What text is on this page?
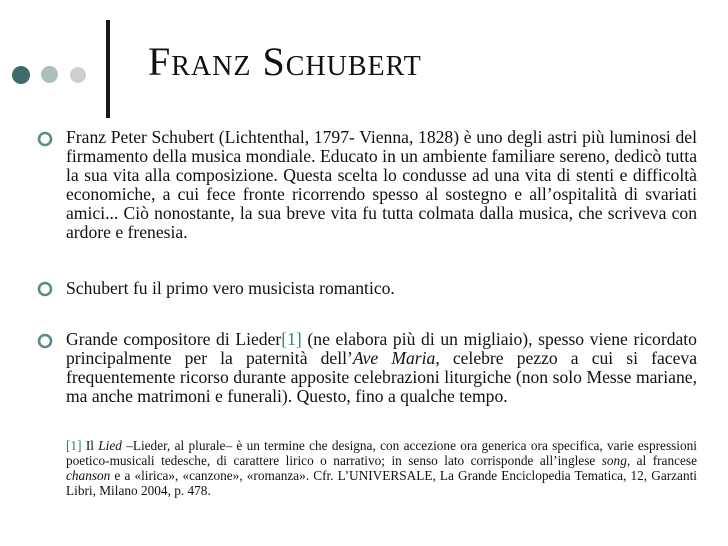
Franz Schubert
Franz Peter Schubert (Lichtenthal, 1797- Vienna, 1828) è uno degli astri più luminosi del firmamento della musica mondiale. Educato in un ambiente familiare sereno, dedicò tutta la sua vita alla composizione. Questa scelta lo condusse ad una vita di stenti e difficoltà economiche, a cui fece fronte ricorrendo spesso al sostegno e all’ospitalità di svariati amici... Ciò nonostante, la sua breve vita fu tutta colmata dalla musica, che scriveva con ardore e frenesia.
Schubert fu il primo vero musicista romantico.
Grande compositore di Lieder[1] (ne elabora più di un migliaio), spesso viene ricordato principalmente per la paternità dell’Ave Maria, celebre pezzo a cui si faceva frequentemente ricorso durante apposite celebrazioni liturgiche (non solo Messe mariane, ma anche matrimoni e funerali). Questo, fino a qualche tempo.
[1] Il Lied –Lieder, al plurale– è un termine che designa, con accezione ora generica ora specifica, varie espressioni poetico-musicali tedesche, di carattere lirico o narrativo; in senso lato corrisponde all’inglese song, al francese chanson e a «lirica», «canzone», «romanza». Cfr. L’UNIVERSALE, La Grande Enciclopedia Tematica, 12, Garzanti Libri, Milano 2004, p. 478.
